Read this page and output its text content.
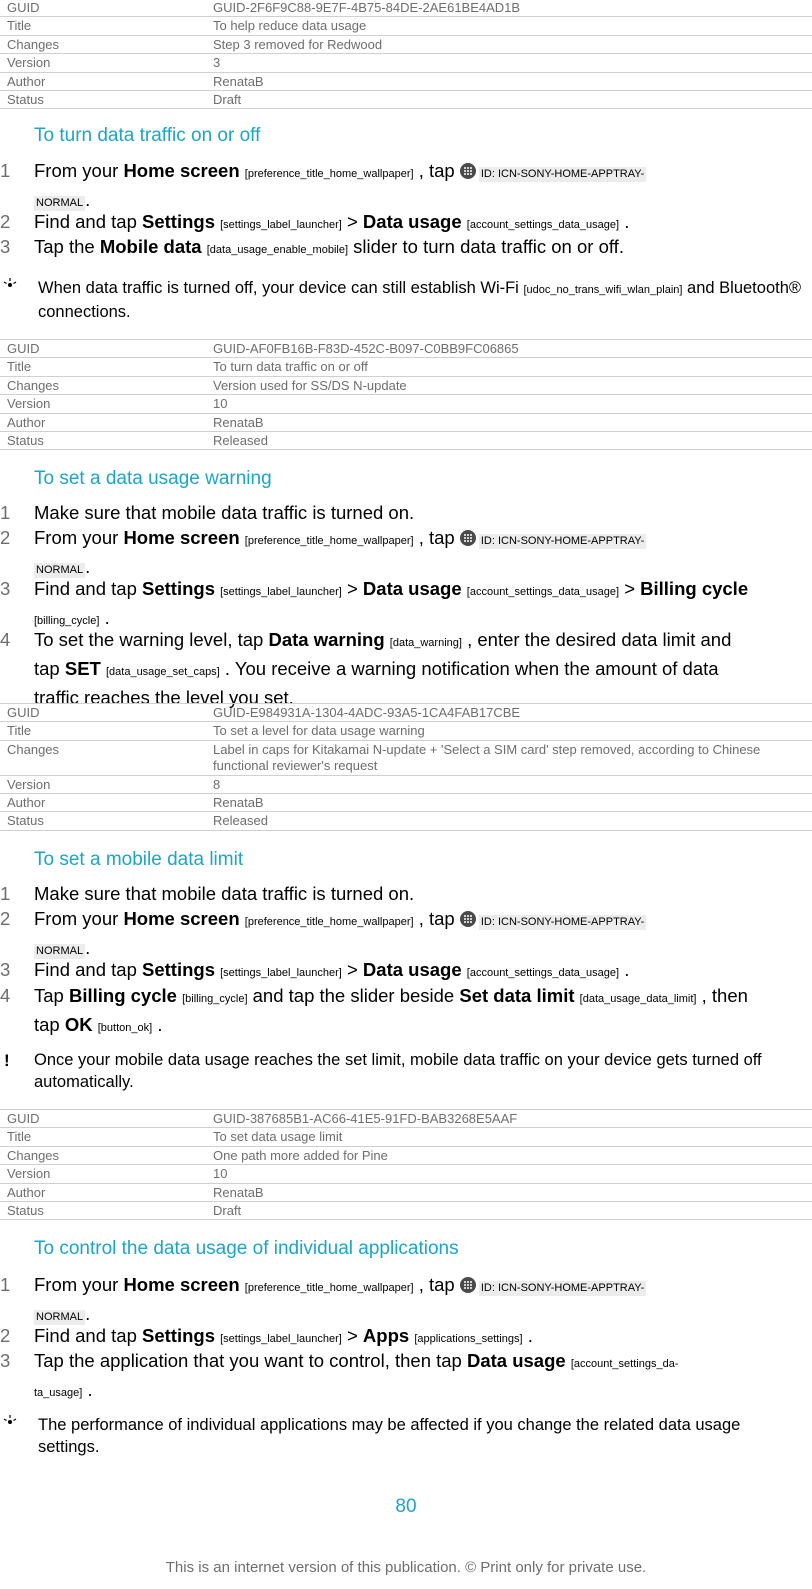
GUID	GUID-2F6F9C88-9E7F-4B75-84DE-2AE61BE4AD1B
Title	To help reduce data usage
Changes	Step 3 removed for Redwood
Version	3
Author	RenataB
Status	Draft
To turn data traffic on or off
1 From your Home screen [preference_title_home_wallpaper] , tap ID: ICN-SONY-HOME-APPTRAY-
NORMAL .
2 Find and tap Settings [settings_label_launcher] > Data usage [account_settings_data_usage] .
3 Tap the Mobile data [data_usage_enable_mobile] slider to turn data traffic on or off.
When data traffic is turned off, your device can still establish Wi-Fi [udoc_no_trans_wifi_wlan_plain] and Bluetooth® connections.
GUID	GUID-AF0FB16B-F83D-452C-B097-C0BB9FC06865
Title	To turn data traffic on or off
Changes	Version used for SS/DS N-update
Version	10
Author	RenataB
Status	Released
To set a data usage warning
1 Make sure that mobile data traffic is turned on.
2 From your Home screen [preference_title_home_wallpaper] , tap ID: ICN-SONY-HOME-APPTRAY-
NORMAL .
3 Find and tap Settings [settings_label_launcher] > Data usage [account_settings_data_usage] > Billing cycle [billing_cycle] .
4 To set the warning level, tap Data warning [data_warning] , enter the desired data limit and tap SET [data_usage_set_caps] . You receive a warning notification when the amount of data traffic reaches the level you set.
GUID	GUID-E984931A-1304-4ADC-93A5-1CA4FAB17CBE
Title	To set a level for data usage warning
Changes	Label in caps for Kitakamai N-update + 'Select a SIM card' step removed, according to Chinese functional reviewer's request
Version	8
Author	RenataB
Status	Released
To set a mobile data limit
1 Make sure that mobile data traffic is turned on.
2 From your Home screen [preference_title_home_wallpaper] , tap ID: ICN-SONY-HOME-APPTRAY-
NORMAL .
3 Find and tap Settings [settings_label_launcher] > Data usage [account_settings_data_usage] .
4 Tap Billing cycle [billing_cycle] and tap the slider beside Set data limit [data_usage_data_limit] , then tap OK [button_ok] .
! Once your mobile data usage reaches the set limit, mobile data traffic on your device gets turned off automatically.
GUID	GUID-387685B1-AC66-41E5-91FD-BAB3268E5AAF
Title	To set data usage limit
Changes	One path more added for Pine
Version	10
Author	RenataB
Status	Draft
To control the data usage of individual applications
1 From your Home screen [preference_title_home_wallpaper] , tap ID: ICN-SONY-HOME-APPTRAY-
NORMAL .
2 Find and tap Settings [settings_label_launcher] > Apps [applications_settings] .
3 Tap the application that you want to control, then tap Data usage [account_settings_da-
ta_usage] .
The performance of individual applications may be affected if you change the related data usage settings.
80
This is an internet version of this publication. © Print only for private use.
